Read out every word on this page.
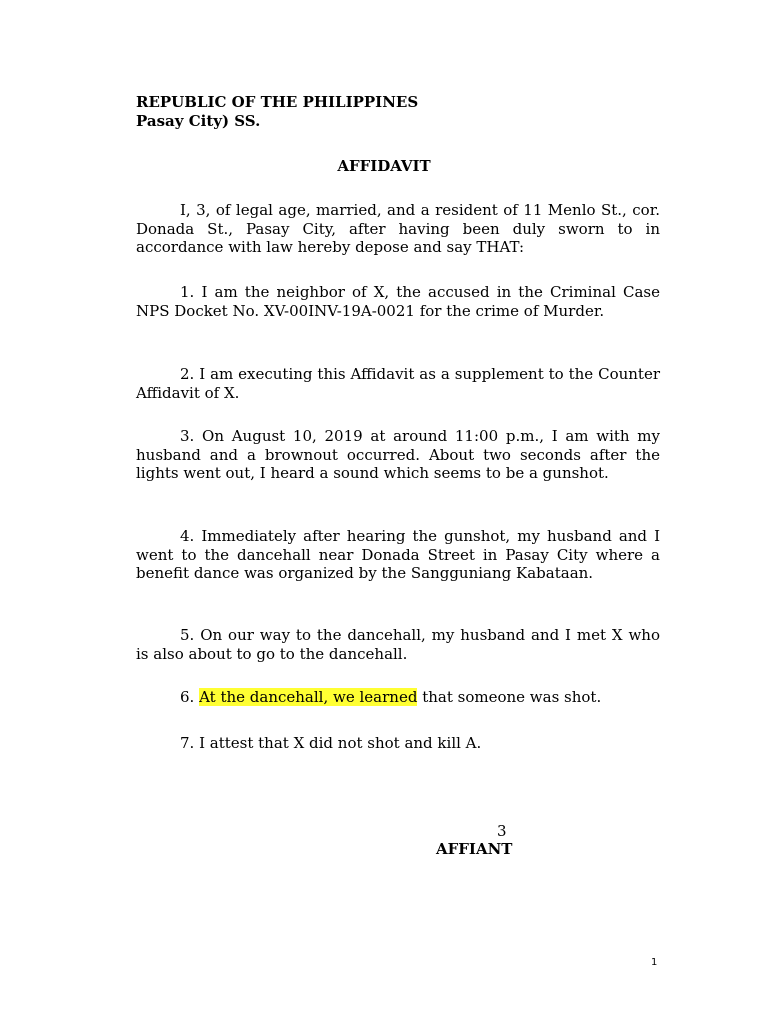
REPUBLIC OF THE PHILIPPINES
Pasay City) SS.
AFFIDAVIT
I, 3, of legal age, married, and a resident of 11 Menlo St., cor. Donada St., Pasay City, after having been duly sworn to in accordance with law hereby depose and say THAT:
1. I am the neighbor of X, the accused in the Criminal Case NPS Docket No. XV-00INV-19A-0021 for the crime of Murder.
2. I am executing this Affidavit as a supplement to the Counter Affidavit of X.
3. On August 10, 2019 at around 11:00 p.m., I am with my husband and a brownout occurred. About two seconds after the lights went out, I heard a sound which seems to be a gunshot.
4. Immediately after hearing the gunshot, my husband and I went to the dancehall near Donada Street in Pasay City where a benefit dance was organized by the Sangguniang Kabataan.
5. On our way to the dancehall, my husband and I met X who is also about to go to the dancehall.
6. At the dancehall, we learned that someone was shot.
7. I attest that X did not shot and kill A.
3
AFFIANT
1
